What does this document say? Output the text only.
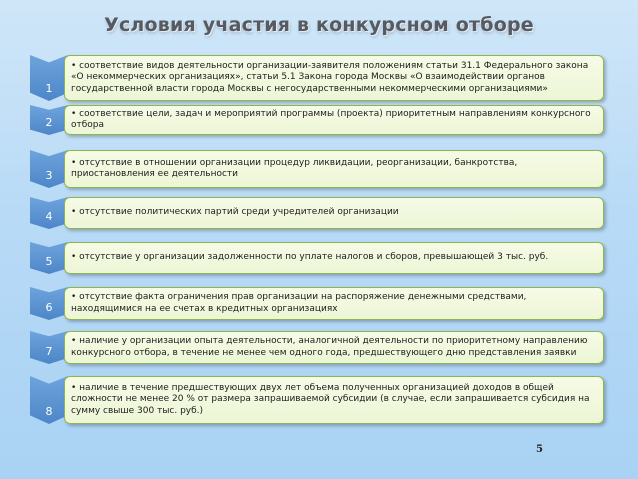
Условия участия в конкурсном отборе
1

• соответствие видов деятельности организации-заявителя положениям статьи 31.1 Федерального закона «О некоммерческих организациях», статьи 5.1 Закона города Москвы «О взаимодействии органов государственной власти города Москвы с негосударственными некоммерческими организациями»

2

• соответствие цели, задач и мероприятий программы (проекта) приоритетным направлениям конкурсного отбора

3

• отсутствие в отношении организации процедур ликвидации, реорганизации, банкротства, приостановления ее деятельности

4	• отсутствие политических партий среди учредителей организации

5	• отсутствие у организации задолженности по уплате налогов и сборов, превышающей 3 тыс. руб.

6

• отсутствие факта ограничения прав организации на распоряжение денежными средствами, находящимися на ее счетах в кредитных организациях

7

• наличие у организации опыта деятельности, аналогичной деятельности по приоритетному направлению конкурсного отбора, в течение не менее чем одного года, предшествующего дню представления заявки

8

• наличие в течение предшествующих двух лет объема полученных организацией доходов в общей сложности не менее 20 % от размера запрашиваемой субсидии (в случае, если запрашивается субсидия на сумму свыше 300 тыс. руб.)

5
